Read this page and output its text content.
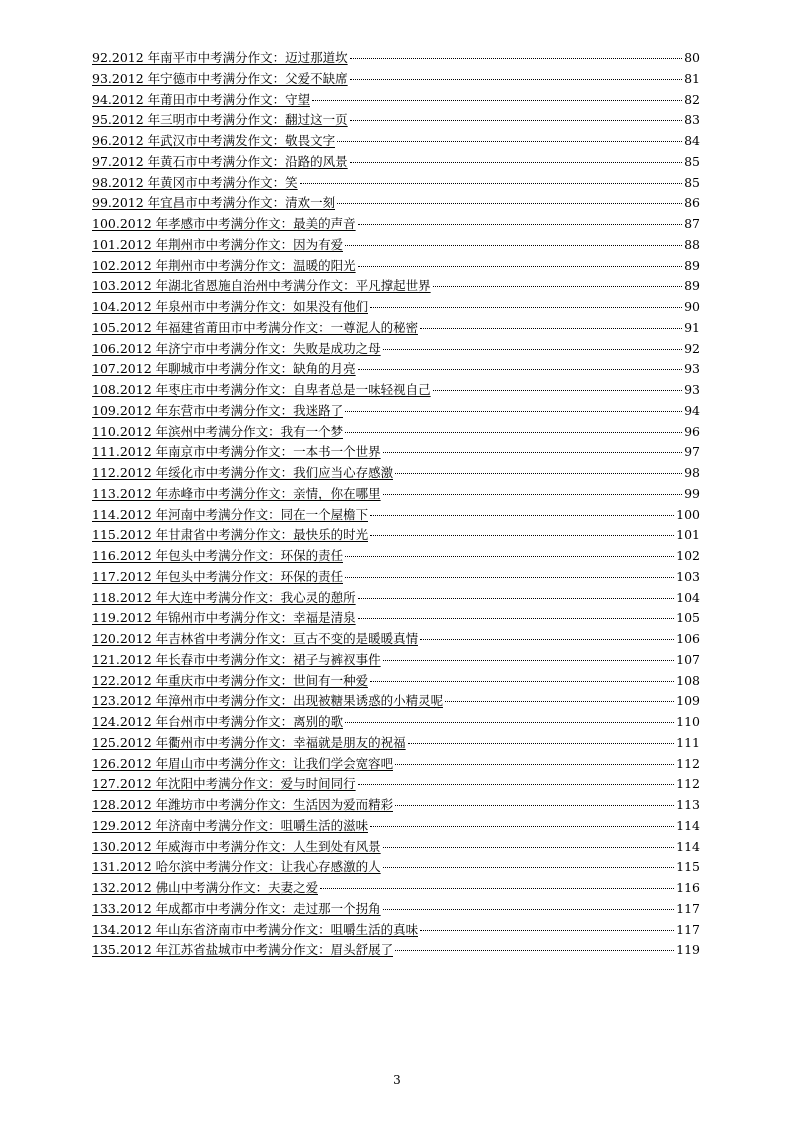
92.2012 年南平市中考满分作文：迈过那道坎	80
93.2012 年宁德市中考满分作文：父爱不缺席	81
94.2012 年莆田市中考满分作文：守望	82
95.2012 年三明市中考满分作文：翻过这一页	83
96.2012 年武汉市中考满发作文：敬畏文字	84
97.2012 年黄石市中考满分作文：沿路的风景	85
98.2012 年黄冈市中考满分作文：笑	85
99.2012 年宜昌市中考满分作文：清欢一刻	86
100.2012 年孝感市中考满分作文：最美的声音	87
101.2012 年荆州市中考满分作文：因为有爱	88
102.2012 年荆州市中考满分作文：温暖的阳光	89
103.2012 年湖北省恩施自治州中考满分作文：平凡撑起世界	89
104.2012 年泉州市中考满分作文：如果没有他们	90
105.2012 年福建省莆田市中考满分作文：一尊泥人的秘密	91
106.2012 年济宁市中考满分作文：失败是成功之母	92
107.2012 年聊城市中考满分作文：缺角的月亮	93
108.2012 年枣庄市中考满分作文：自卑者总是一味轻视自己	93
109.2012 年东营市中考满分作文：我迷路了	94
110.2012 年滨州中考满分作文：我有一个梦	96
111.2012 年南京市中考满分作文：一本书一个世界	97
112.2012 年绥化市中考满分作文：我们应当心存感激	98
113.2012 年赤峰市中考满分作文：亲情，你在哪里	99
114.2012 年河南中考满分作文：同在一个屋檐下	100
115.2012 年甘肃省中考满分作文：最快乐的时光	101
116.2012 年包头中考满分作文：环保的责任	102
117.2012 年包头中考满分作文：环保的责任	103
118.2012 年大连中考满分作文：我心灵的憩所	104
119.2012 年锦州市中考满分作文：幸福是清泉	105
120.2012 年吉林省中考满分作文：亘古不变的是暖暖真情	106
121.2012 年长春市中考满分作文：裙子与裤衩事件	107
122.2012 年重庆市中考满分作文：世间有一种爱	108
123.2012 年漳州市中考满分作文：出现被糖果诱惑的小精灵呢	109
124.2012 年台州市中考满分作文：离别的歌	110
125.2012 年衢州市中考满分作文：幸福就是朋友的祝福	111
126.2012 年眉山市中考满分作文：让我们学会宽容吧	112
127.2012 年沈阳中考满分作文：爱与时间同行	112
128.2012 年潍坊市中考满分作文：生活因为爱而精彩	113
129.2012 年济南中考满分作文：咀嚼生活的滋味	114
130.2012 年威海市中考满分作文：人生到处有风景	114
131.2012 哈尔滨中考满分作文：让我心存感激的人	115
132.2012 佛山中考满分作文：夫妻之爱	116
133.2012 年成都市中考满分作文：走过那一个拐角	117
134.2012 年山东省济南市中考满分作文：咀嚼生活的真味	117
135.2012 年江苏省盐城市中考满分作文：眉头舒展了	119
3
